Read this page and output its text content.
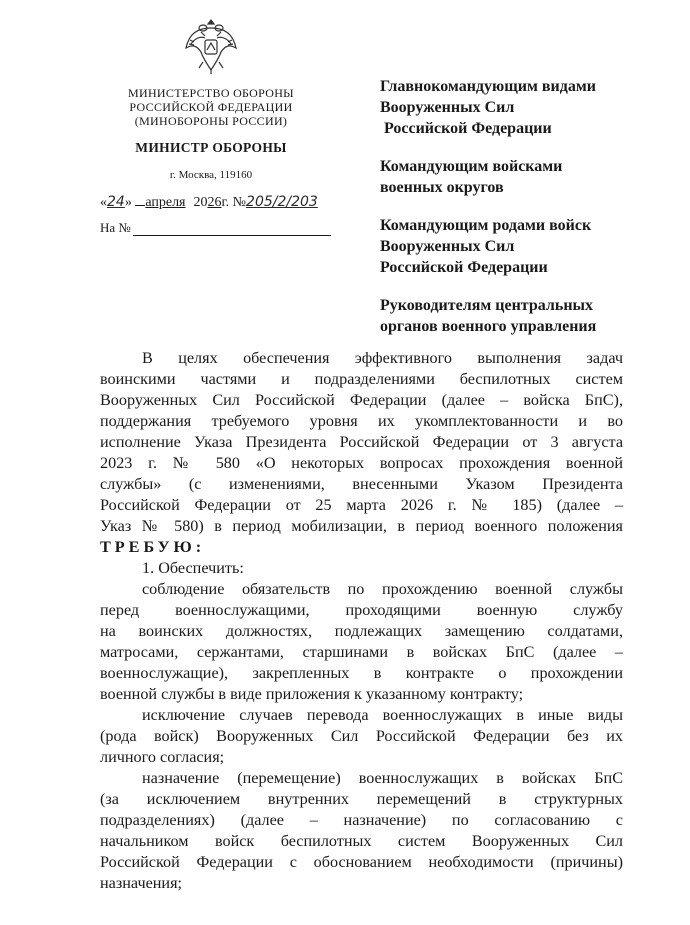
МИНИСТЕРСТВО ОБОРОНЫ
РОССИЙСКОЙ ФЕДЕРАЦИИ
(МИНОБОРОНЫ РОССИИ)
МИНИСТР ОБОРОНЫ
г. Москва, 119160
«24» апреля 2026г. №205/2/203
На №
Главнокомандующим видами
Вооруженных Сил
Российской Федерации
Командующим войсками
военных округов
Командующим родами войск
Вооруженных Сил
Российской Федерации
Руководителям центральных
органов военного управления
В целях обеспечения эффективного выполнения задач
воинскими частями и подразделениями беспилотных систем
Вооруженных Сил Российской Федерации (далее – войска БпС),
поддержания требуемого уровня их укомплектованности и во
исполнение Указа Президента Российской Федерации от 3 августа
2023 г. № 580 «О некоторых вопросах прохождения военной
службы» (с изменениями, внесенными Указом Президента
Российской Федерации от 25 марта 2026 г. № 185) (далее –
Указ № 580) в период мобилизации, в период военного положения
ТРЕБУЮ:
1. Обеспечить:
соблюдение обязательств по прохождению военной службы
перед военнослужащими, проходящими военную службу
на воинских должностях, подлежащих замещению солдатами,
матросами, сержантами, старшинами в войсках БпС (далее –
военнослужащие), закрепленных в контракте о прохождении
военной службы в виде приложения к указанному контракту;
исключение случаев перевода военнослужащих в иные виды
(рода войск) Вооруженных Сил Российской Федерации без их
личного согласия;
назначение (перемещение) военнослужащих в войсках БпС
(за исключением внутренних перемещений в структурных
подразделениях) (далее – назначение) по согласованию с
начальником войск беспилотных систем Вооруженных Сил
Российской Федерации с обоснованием необходимости (причины)
назначения;
